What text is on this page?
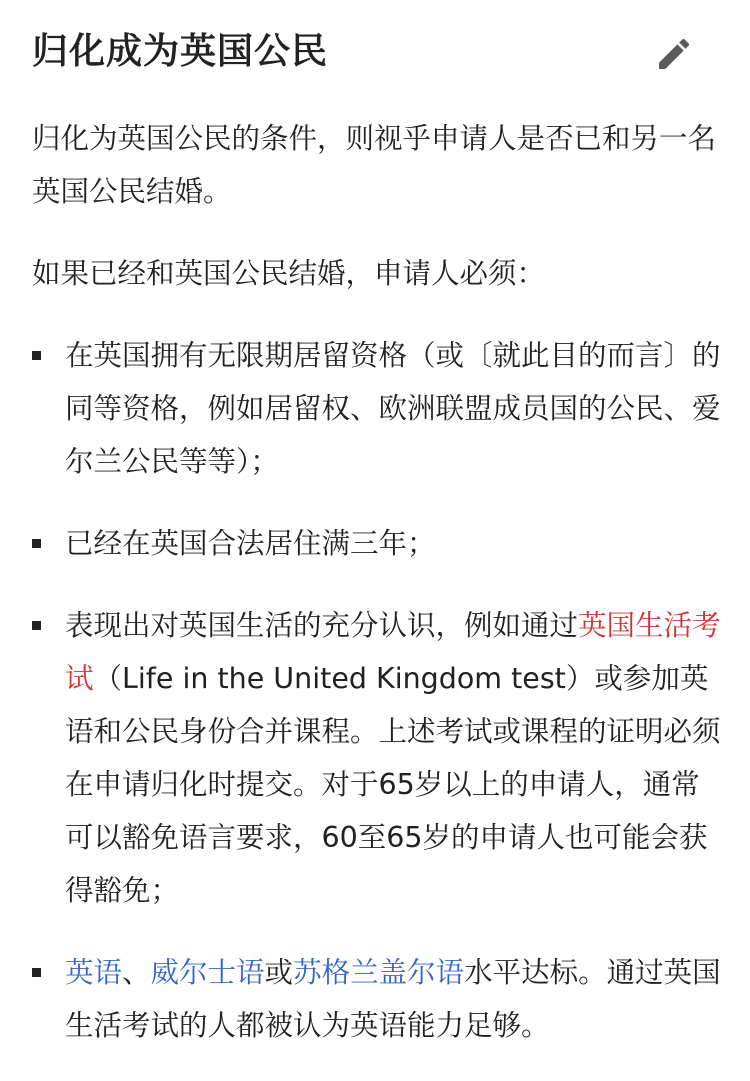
归化成为英国公民

归化为英国公民的条件，则视乎申请人是否已和另一名英国公民结婚。

如果已经和英国公民结婚，申请人必须：

在英国拥有无限期居留资格（或〔就此目的而言〕的同等资格，例如居留权、欧洲联盟成员国的公民、爱尔兰公民等等）；
已经在英国合法居住满三年；
表现出对英国生活的充分认识，例如通过英国生活考试（Life in the United Kingdom test）或参加英语和公民身份合并课程。上述考试或课程的证明必须在申请归化时提交。对于65岁以上的申请人，通常可以豁免语言要求，60至65岁的申请人也可能会获得豁免；
英语、威尔士语或苏格兰盖尔语水平达标。通过英国生活考试的人都被认为英语能力足够。
